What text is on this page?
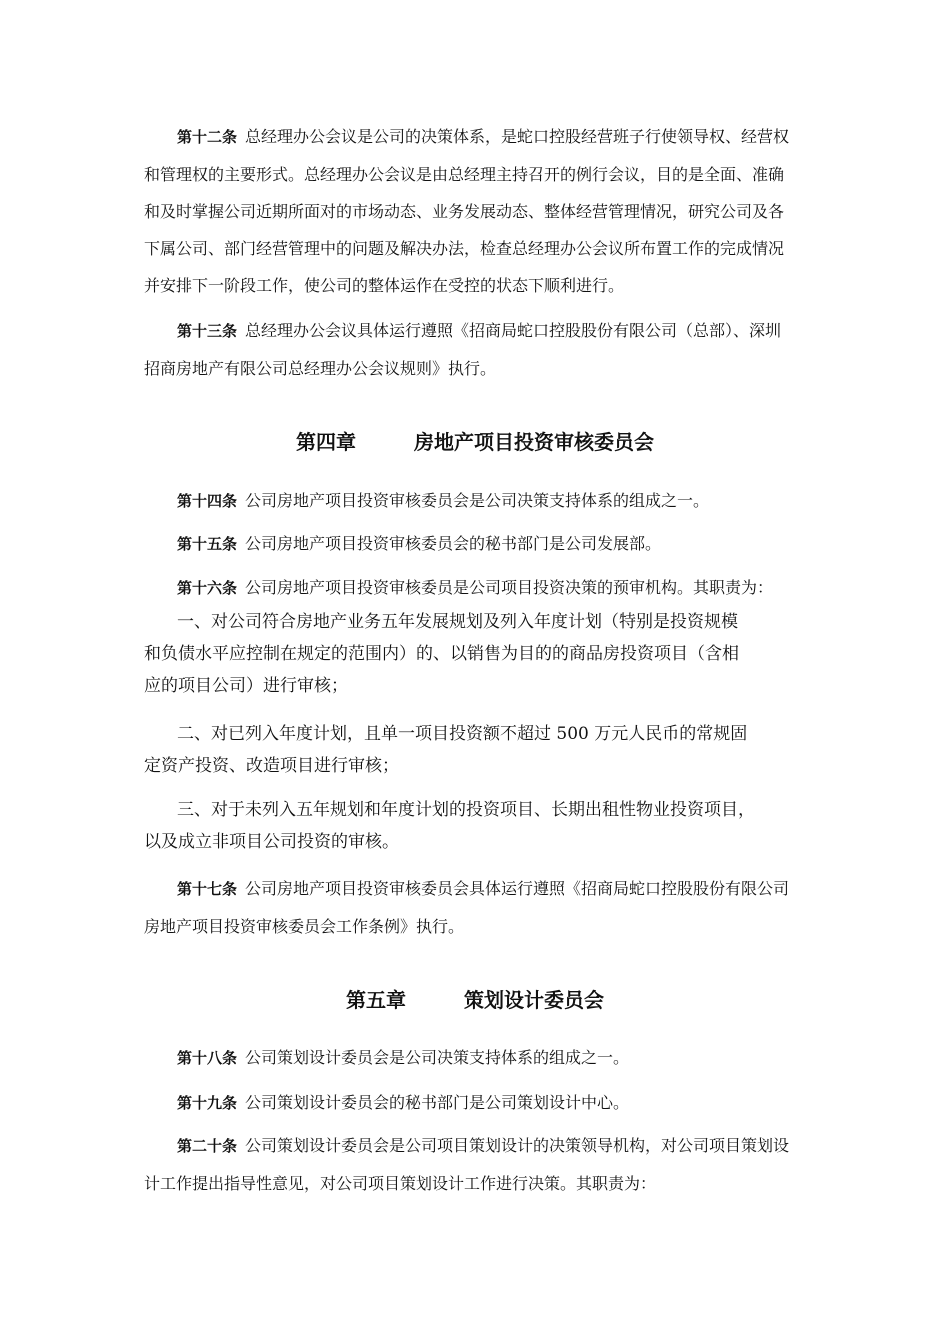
第十二条 总经理办公会议是公司的决策体系，是蛇口控股经营班子行使领导权、经营权
和管理权的主要形式。总经理办公会议是由总经理主持召开的例行会议，目的是全面、准确
和及时掌握公司近期所面对的市场动态、业务发展动态、整体经营管理情况，研究公司及各
下属公司、部门经营管理中的问题及解决办法，检查总经理办公会议所布置工作的完成情况
并安排下一阶段工作，使公司的整体运作在受控的状态下顺利进行。
第十三条 总经理办公会议具体运行遵照《招商局蛇口控股股份有限公司（总部）、深圳
招商房地产有限公司总经理办公会议规则》执行。
第四章	房地产项目投资审核委员会
第十四条 公司房地产项目投资审核委员会是公司决策支持体系的组成之一。
第十五条 公司房地产项目投资审核委员会的秘书部门是公司发展部。
第十六条 公司房地产项目投资审核委员是公司项目投资决策的预审机构。其职责为：
一、对公司符合房地产业务五年发展规划及列入年度计划（特别是投资规模
和负债水平应控制在规定的范围内）的、以销售为目的的商品房投资项目（含相
应的项目公司）进行审核；
二、对已列入年度计划，且单一项目投资额不超过 500 万元人民币的常规固
定资产投资、改造项目进行审核；
三、对于未列入五年规划和年度计划的投资项目、长期出租性物业投资项目，
以及成立非项目公司投资的审核。
第十七条 公司房地产项目投资审核委员会具体运行遵照《招商局蛇口控股股份有限公司
房地产项目投资审核委员会工作条例》执行。
第五章	策划设计委员会
第十八条 公司策划设计委员会是公司决策支持体系的组成之一。
第十九条 公司策划设计委员会的秘书部门是公司策划设计中心。
第二十条 公司策划设计委员会是公司项目策划设计的决策领导机构，对公司项目策划设
计工作提出指导性意见，对公司项目策划设计工作进行决策。其职责为：
